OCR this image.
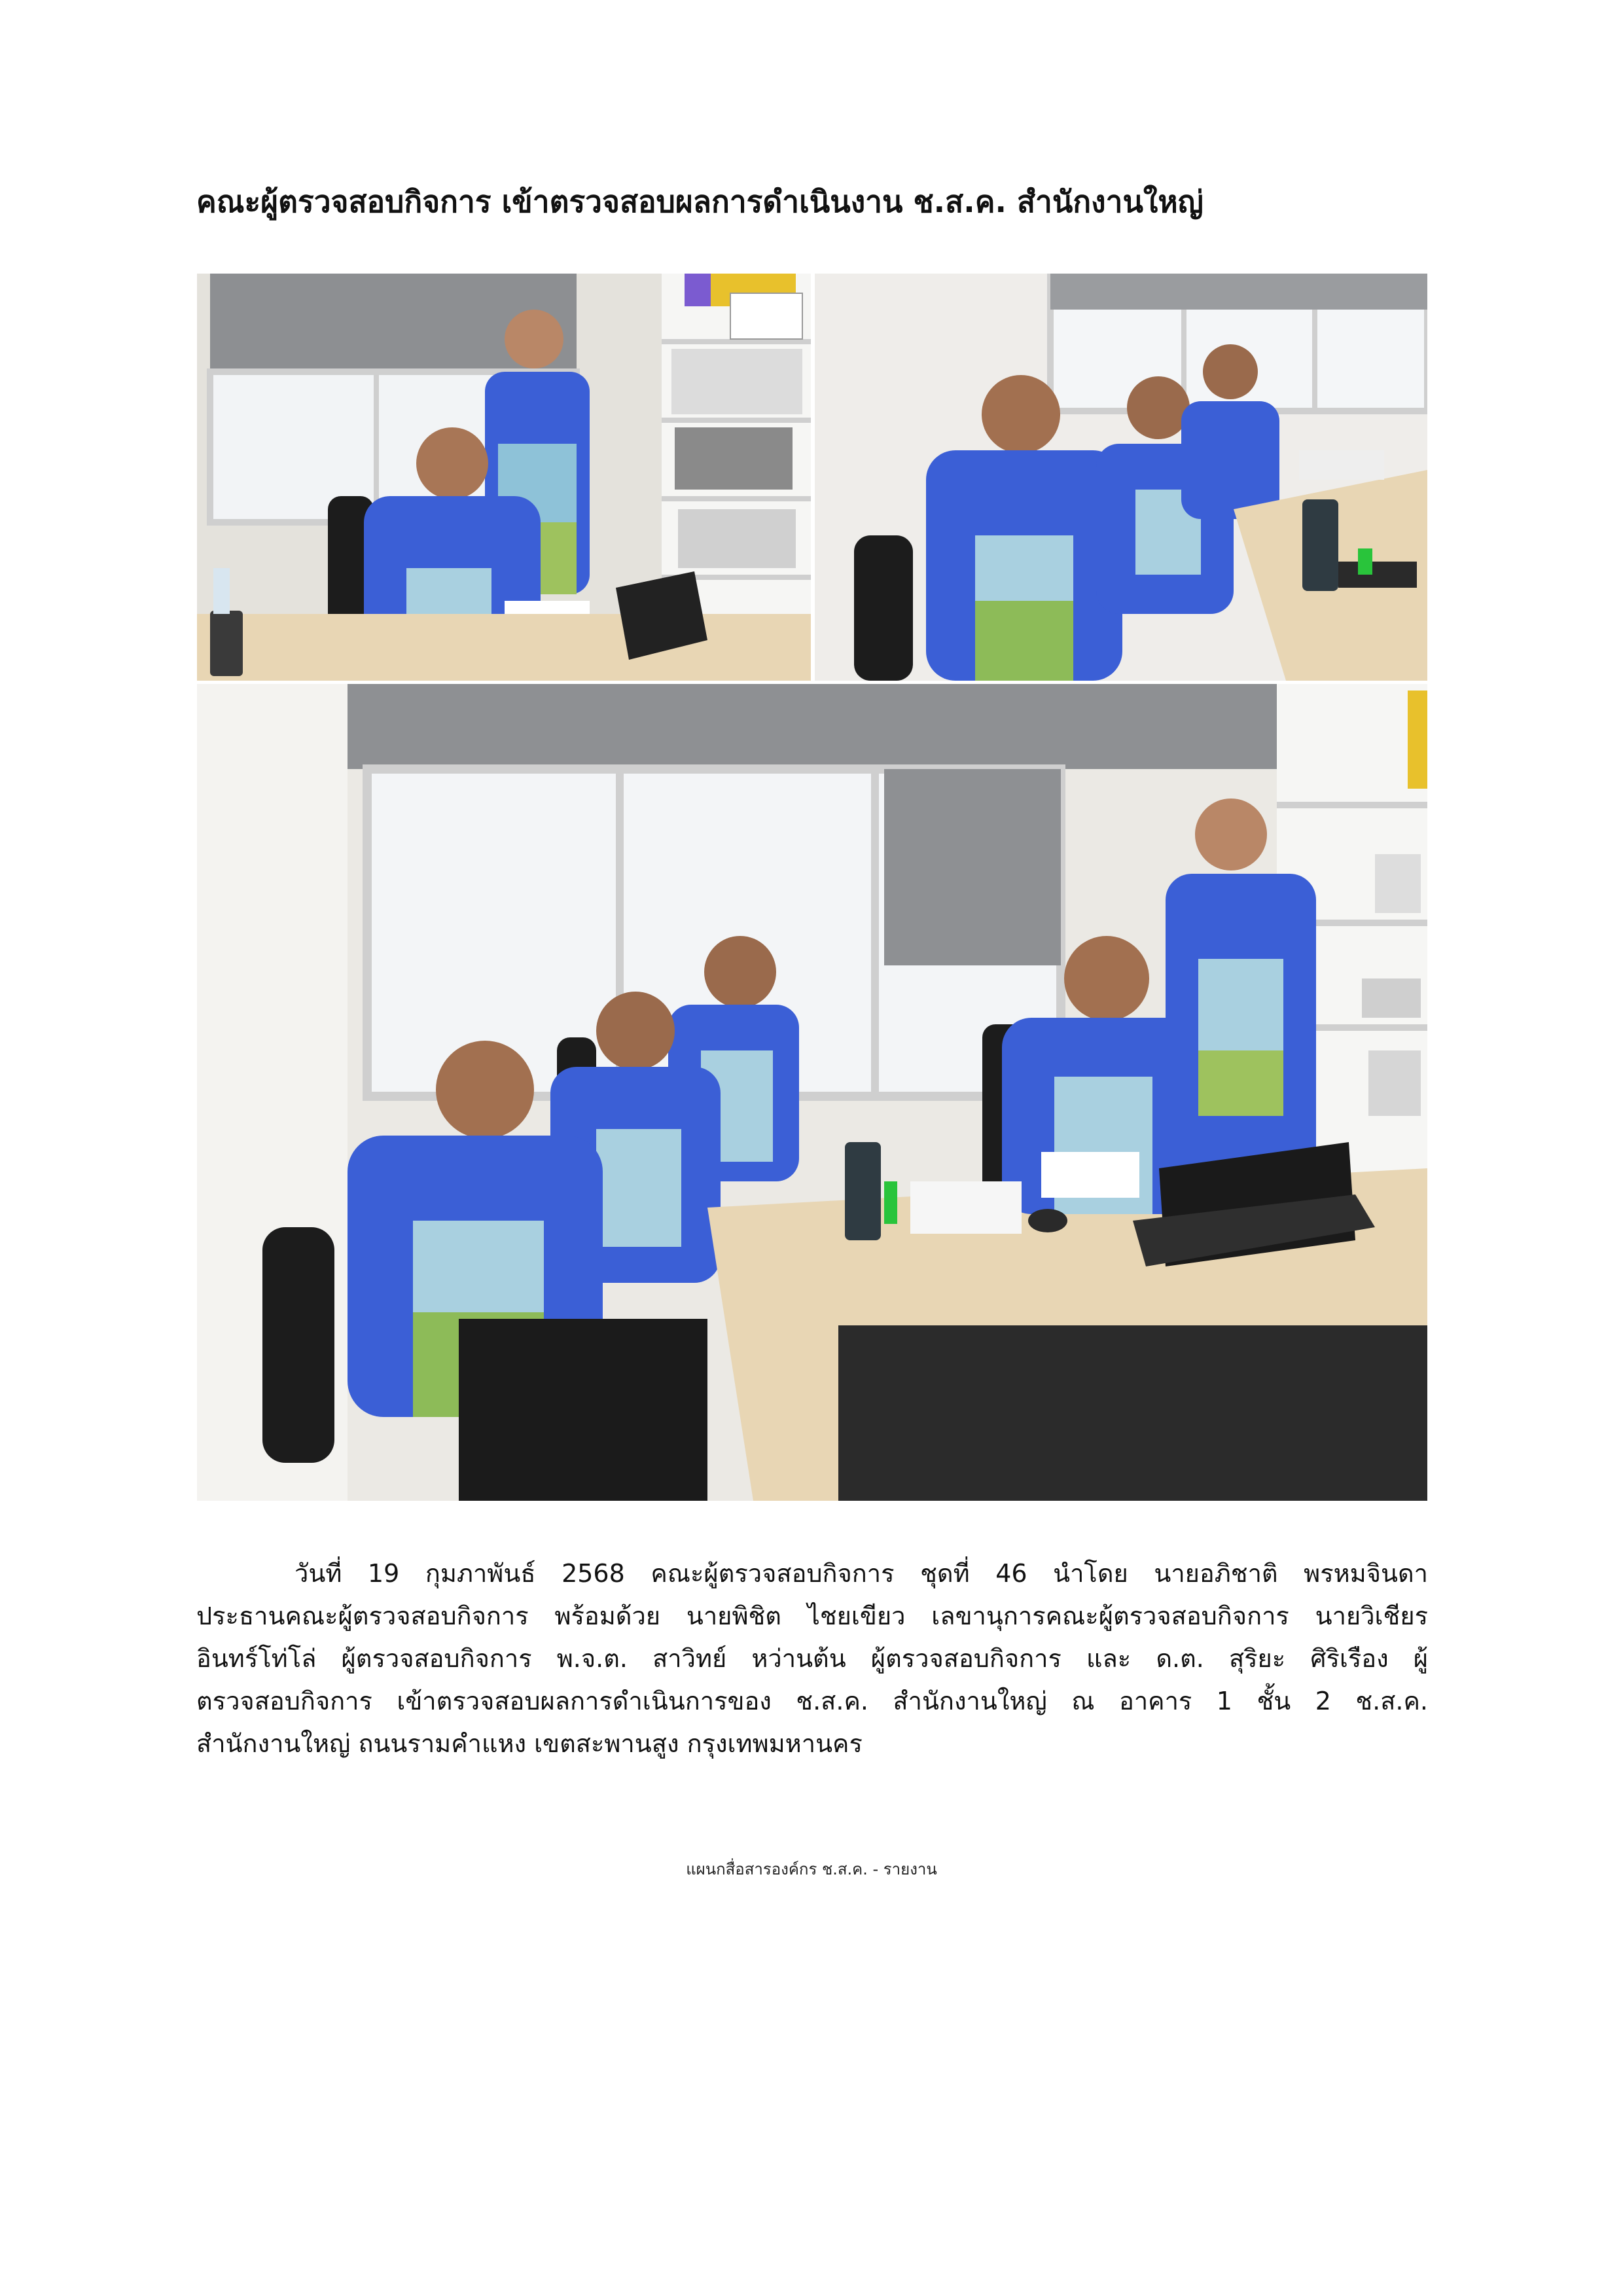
คณะผู้ตรวจสอบกิจการ เข้าตรวจสอบผลการดำเนินงาน ช.ส.ค. สำนักงานใหญ่
วันที่ 19 กุมภาพันธ์ 2568 คณะผู้ตรวจสอบกิจการ ชุดที่ 46 นำโดย นายอภิชาติ พรหมจินดา
ประธานคณะผู้ตรวจสอบกิจการ พร้อมด้วย นายพิชิต ไชยเขียว เลขานุการคณะผู้ตรวจสอบกิจการ นายวิเชียร
อินทร์โท่โล่ ผู้ตรวจสอบกิจการ พ.จ.ต. สาวิทย์ หว่านต้น ผู้ตรวจสอบกิจการ และ ด.ต. สุริยะ ศิริเรือง ผู้
ตรวจสอบกิจการ เข้าตรวจสอบผลการดำเนินการของ ช.ส.ค. สำนักงานใหญ่ ณ อาคาร 1 ชั้น 2 ช.ส.ค.
สำนักงานใหญ่ ถนนรามคำแหง เขตสะพานสูง กรุงเทพมหานคร
แผนกสื่อสารองค์กร ช.ส.ค. - รายงาน
